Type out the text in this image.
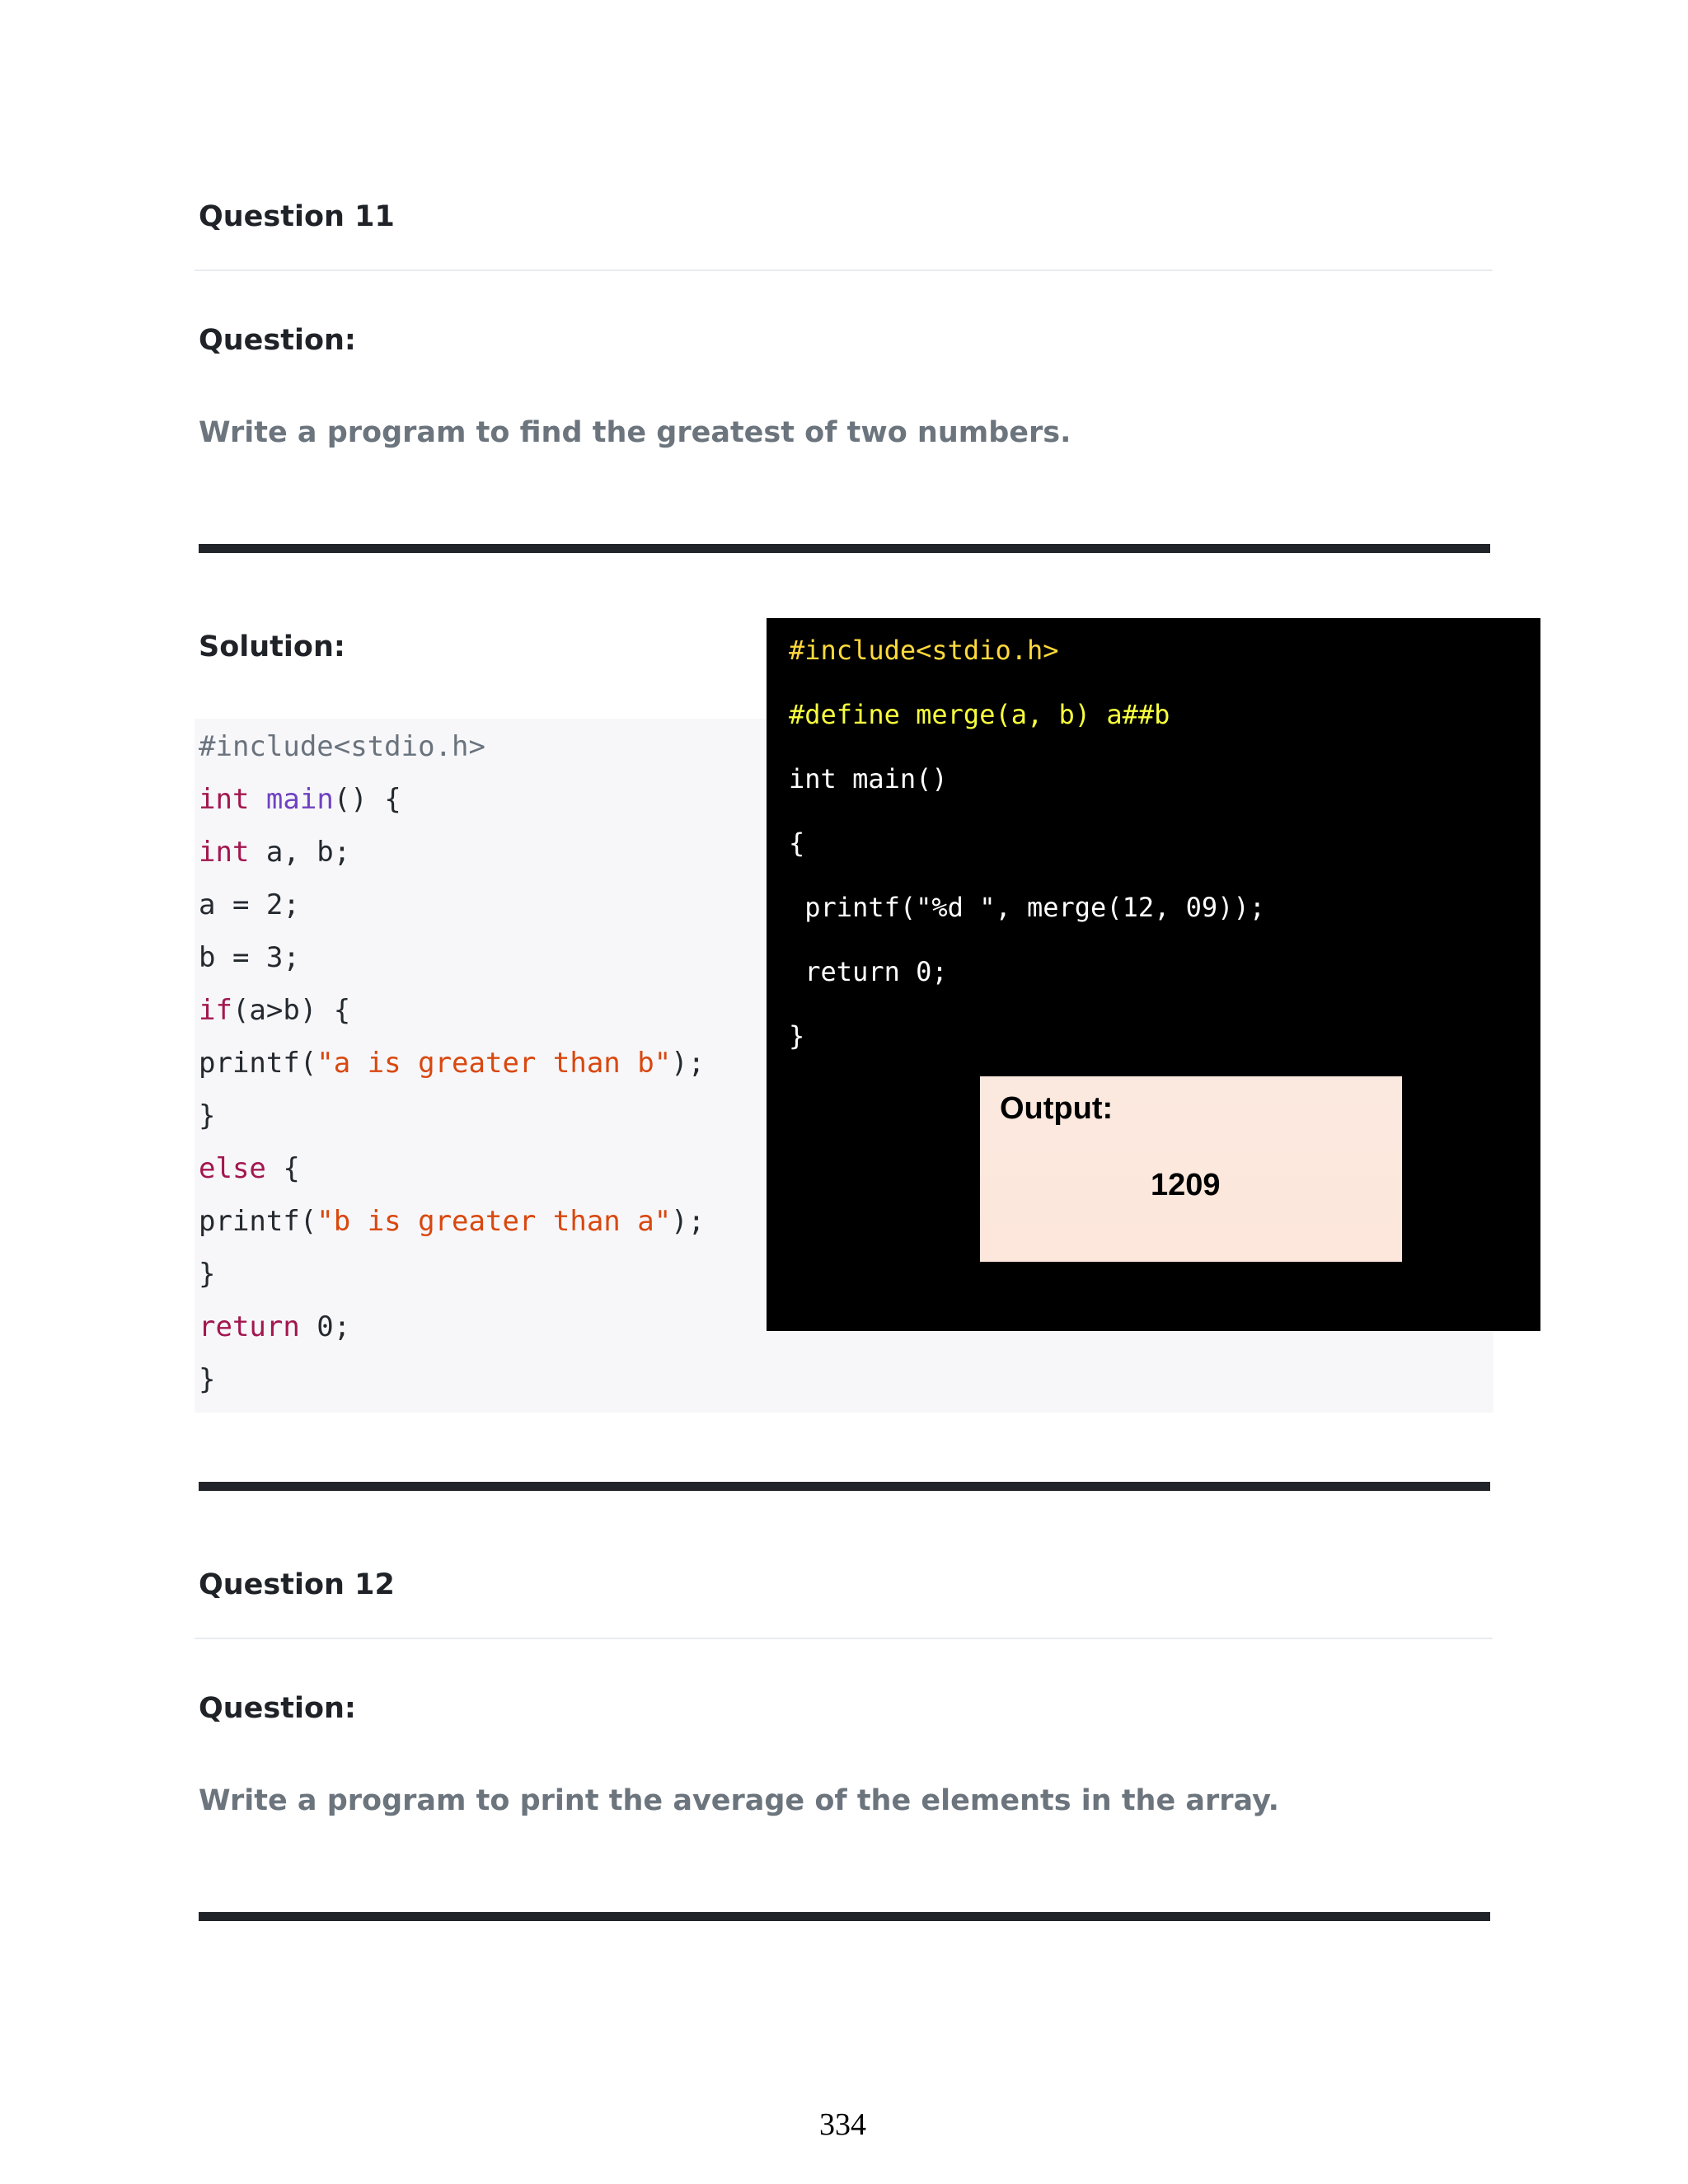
Question 11
Question:
Write a program to find the greatest of two numbers.
Solution:
#include<stdio.h>
int main() {
int a, b;
a = 2;
b = 3;
if(a>b) {
printf("a is greater than b");
}
else {
printf("b is greater than a");
}
return 0;
}
#include<stdio.h>
#define merge(a, b) a##b
int main()
{
printf("%d ", merge(12, 09));
return 0;
}
Output:
1209
Question 12
Question:
Write a program to print the average of the elements in the array.
334
